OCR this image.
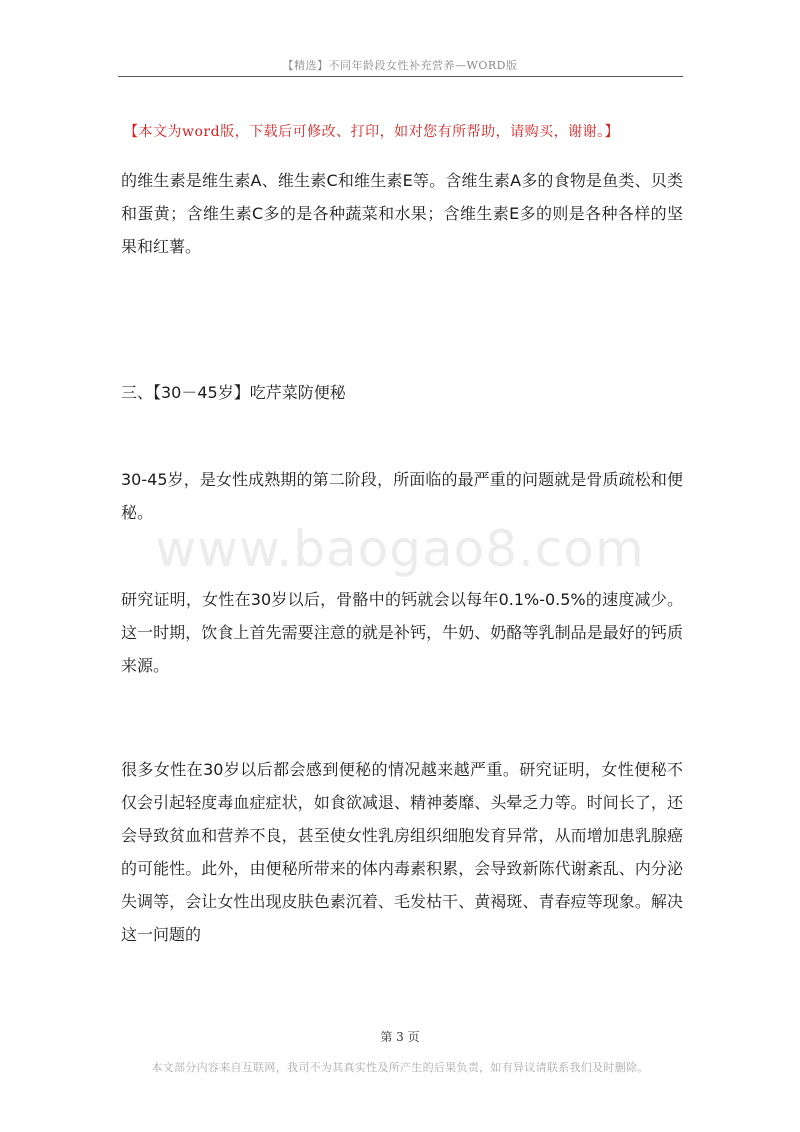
【精选】不同年龄段女性补充营养—WORD版
【本文为word版，下载后可修改、打印，如对您有所帮助，请购买，谢谢。】

的维生素是维生素A、维生素C和维生素E等。含维生素A多的食物是鱼类、贝类和蛋黄；含维生素C多的是各种蔬菜和水果；含维生素E多的则是各种各样的坚果和红薯。

三、【30－45岁】吃芹菜防便秘

30-45岁，是女性成熟期的第二阶段，所面临的最严重的问题就是骨质疏松和便秘。

www.baogao8.com

研究证明，女性在30岁以后，骨骼中的钙就会以每年0.1%-0.5%的速度减少。这一时期，饮食上首先需要注意的就是补钙，牛奶、奶酪等乳制品是最好的钙质来源。

很多女性在30岁以后都会感到便秘的情况越来越严重。研究证明，女性便秘不仅会引起轻度毒血症症状，如食欲减退、精神萎靡、头晕乏力等。时间长了，还会导致贫血和营养不良，甚至使女性乳房组织细胞发育异常，从而增加患乳腺癌的可能性。此外，由便秘所带来的体内毒素积累，会导致新陈代谢紊乱、内分泌失调等，会让女性出现皮肤色素沉着、毛发枯干、黄褐斑、青春痘等现象。解决这一问题的

第 3 页
本文部分内容来自互联网，我司不为其真实性及所产生的后果负责，如有异议请联系我们及时删除。
